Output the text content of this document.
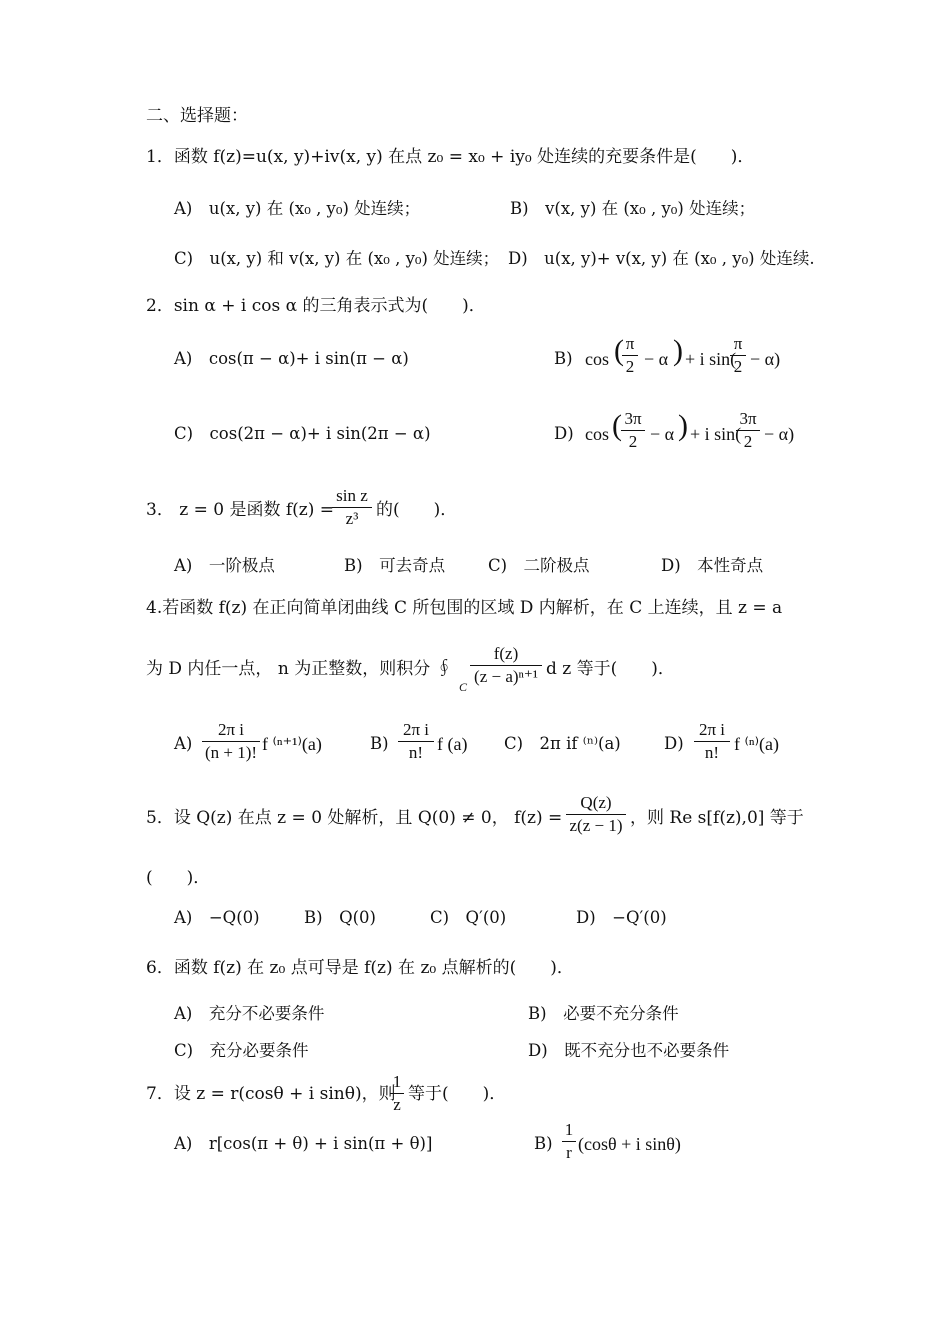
二、选择题：
1．函数 f(z)=u(x, y)+iv(x, y) 在点 z₀ = x₀ + iy₀ 处连续的充要条件是(　　)．
A)　u(x, y) 在 (x₀ , y₀) 处连续；	B)　v(x, y) 在 (x₀ , y₀) 处连续；
C)　u(x, y) 和 v(x, y) 在 (x₀ , y₀) 处连续； D)　u(x, y)+ v(x, y) 在 (x₀ , y₀) 处连续.
2．sin α + i cos α 的三角表示式为(　　)．
A)　cos(π − α)+ i sin(π − α)	B) cos ( π
2 − α ) + i sin(
π
2 − α)
C)　cos(2π − α)+ i sin(2π − α)	D) cos ( 3π
2 − α ) + i sin(
3π
2 − α)
3． z = 0 是函数 f(z) =
sin z
z³	的(　　)．
A)　一阶极点	B)　可去奇点	C)　二阶极点	D)　本性奇点
4.若函数 f(z) 在正向简单闭曲线 C 所包围的区域 D 内解析，在 C 上连续，且 z = a
为 D 内任一点， n 为正整数，则积分 ∮
C
f(z)
(z − a)ⁿ⁺¹ d z 等于(　　)．
A)
2π i
(n + 1)! f ⁽ⁿ⁺¹⁾(a)	B)
2π i
n! f (a) C)　2π if ⁽ⁿ⁾(a)	D)
2π i
n! f ⁽ⁿ⁾(a)
5．设 Q(z) 在点 z = 0 处解析，且 Q(0) ≠ 0， f(z) =
Q(z)
z(z − 1) ，则 Re s[f(z),0] 等于
(　　)．
A)　−Q(0)	B)　Q(0)	C)　Q′(0)	D)　−Q′(0)
6．函数 f(z) 在 z₀ 点可导是 f(z) 在 z₀ 点解析的(　　)．
A)　充分不必要条件	B)　必要不充分条件
C)　充分必要条件	D)　既不充分也不必要条件
7．设 z = r(cosθ + i sinθ)，则
1
z
等于(　　)．
A)　r[cos(π + θ) + i sin(π + θ)]	B)
1
r (cosθ + i sinθ)
